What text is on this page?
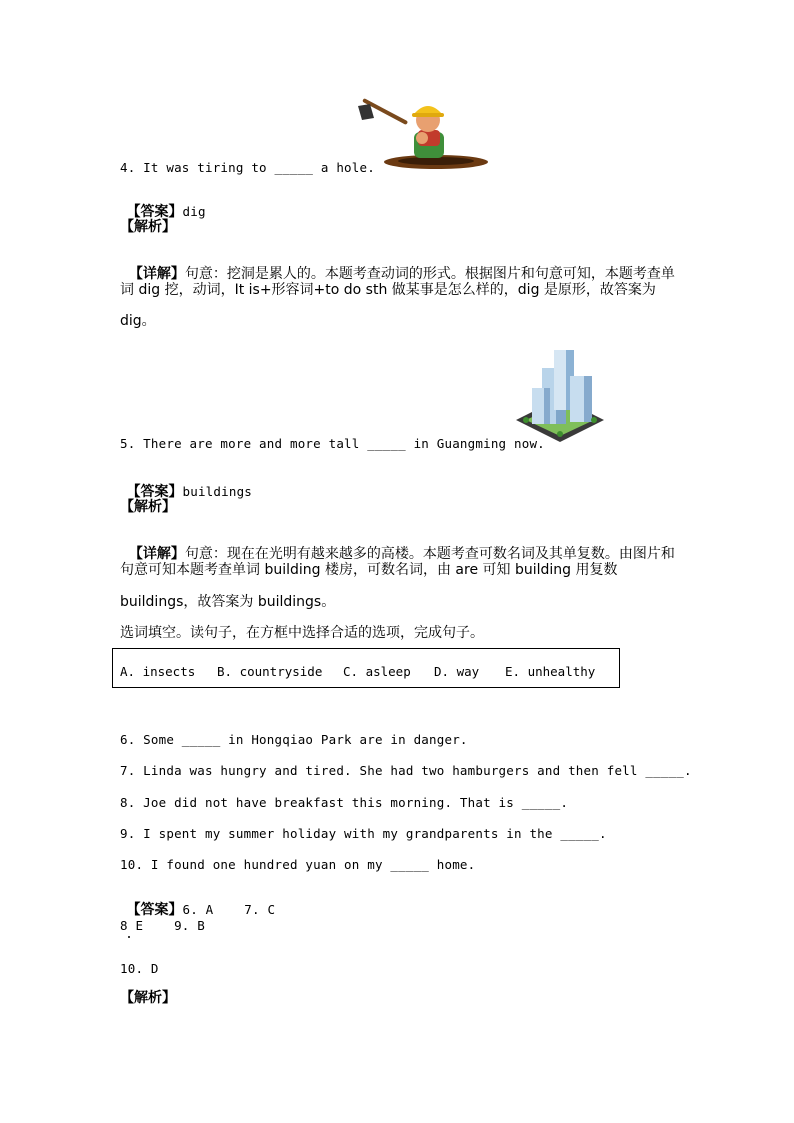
4. It was tiring to _____ a hole.

【答案】dig

【解析】

【详解】句意：挖洞是累人的。本题考查动词的形式。根据图片和句意可知，本题考查单

词 dig 挖，动词，It is+形容词+to do sth 做某事是怎么样的，dig 是原形，故答案为
dig。
5. There are more and more tall _____ in Guangming now.

【答案】buildings

【解析】

【详解】句意：现在在光明有越来越多的高楼。本题考查可数名词及其单复数。由图片和

句意可知本题考查单词 building 楼房，可数名词，由 are 可知 building 用复数
buildings，故答案为 buildings。
选词填空。读句子，在方框中选择合适的选项，完成句子。
A. insects B. countryside C. asleep D. way E. unhealthy
6. Some _____ in Hongqiao Park are in danger.
7. Linda was hungry and tired. She had two hamburgers and then fell _____.
8. Joe did not have breakfast this morning. That is _____.
9. I spent my summer holiday with my grandparents in the _____.
10. I found one hundred yuan on my _____ home.

【答案】6. A    7. C

8 E    9. B
10. D
【解析】
